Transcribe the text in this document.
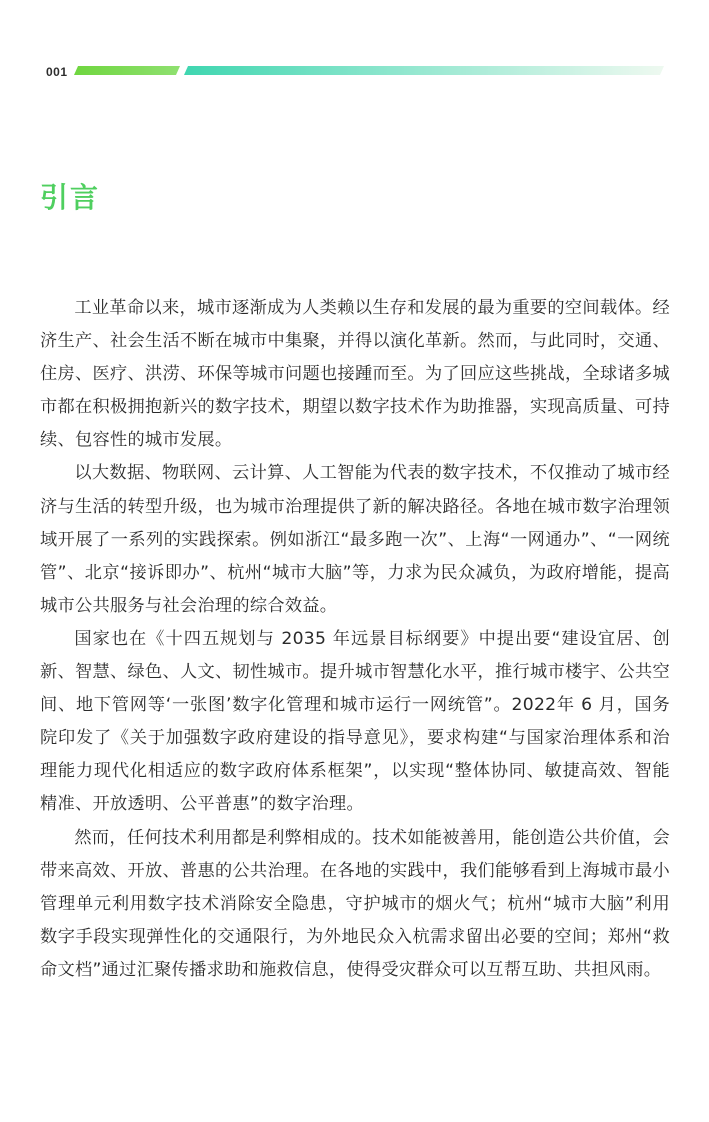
001
引言

工业革命以来，城市逐渐成为人类赖以生存和发展的最为重要的空间载体。经济生产、社会生活不断在城市中集聚，并得以演化革新。然而，与此同时，交通、住房、医疗、洪涝、环保等城市问题也接踵而至。为了回应这些挑战，全球诸多城市都在积极拥抱新兴的数字技术，期望以数字技术作为助推器，实现高质量、可持续、包容性的城市发展。

以大数据、物联网、云计算、人工智能为代表的数字技术，不仅推动了城市经济与生活的转型升级，也为城市治理提供了新的解决路径。各地在城市数字治理领域开展了一系列的实践探索。例如浙江“最多跑一次”、上海“一网通办”、“一网统管”、北京“接诉即办”、杭州“城市大脑”等，力求为民众减负，为政府增能，提高城市公共服务与社会治理的综合效益。

国家也在《十四五规划与 2035 年远景目标纲要》中提出要“建设宜居、创新、智慧、绿色、人文、韧性城市。提升城市智慧化水平，推行城市楼宇、公共空间、地下管网等‘一张图’数字化管理和城市运行一网统管”。2022年 6 月，国务院印发了《关于加强数字政府建设的指导意见》，要求构建“与国家治理体系和治理能力现代化相适应的数字政府体系框架”，以实现“整体协同、敏捷高效、智能精准、开放透明、公平普惠”的数字治理。

然而，任何技术利用都是利弊相成的。技术如能被善用，能创造公共价值，会带来高效、开放、普惠的公共治理。在各地的实践中，我们能够看到上海城市最小管理单元利用数字技术消除安全隐患，守护城市的烟火气；杭州“城市大脑”利用数字手段实现弹性化的交通限行，为外地民众入杭需求留出必要的空间；郑州“救命文档”通过汇聚传播求助和施救信息，使得受灾群众可以互帮互助、共担风雨。
